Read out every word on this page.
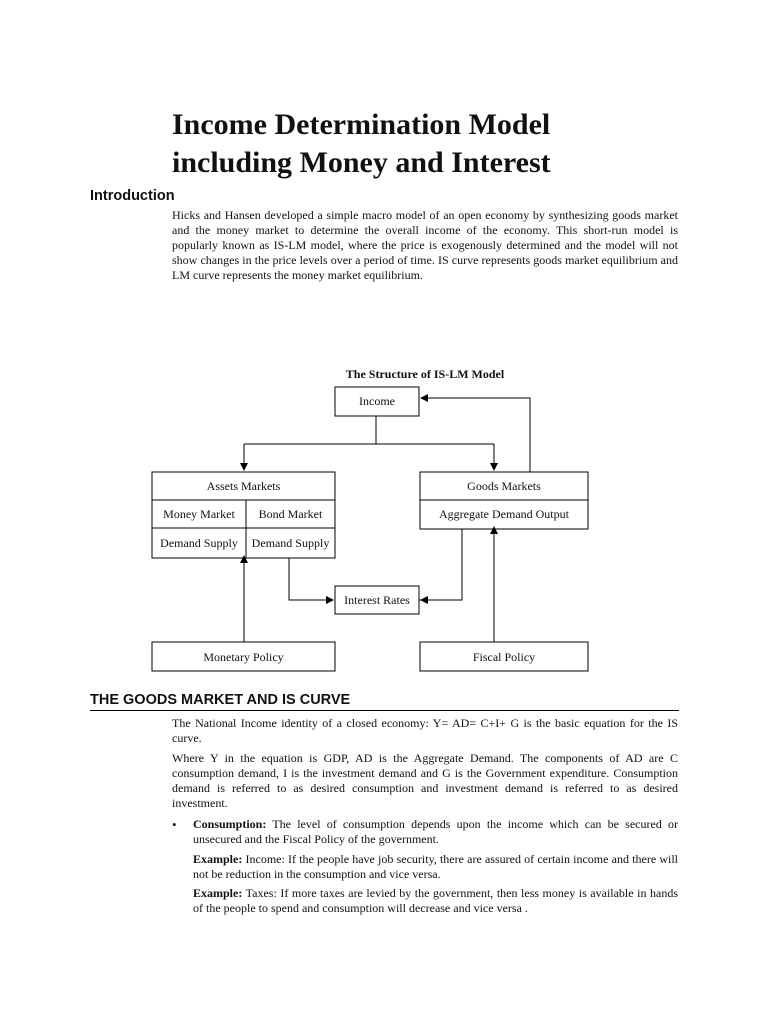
Income Determination Model
including Money and Interest
Introduction
Hicks and Hansen developed a simple macro model of an open economy by synthesizing goods market and the money market to determine the overall income of the economy. This short-run model is popularly known as IS-LM model, where the price is exogenously determined and the model will not show changes in the price levels over a period of time. IS curve represents goods market equilibrium and LM curve represents the money market equilibrium.
The Structure of IS-LM Model
Income
Assets Markets
Money Market	Bond Market
Demand Supply	Demand Supply
Goods Markets
Aggregate Demand Output
Interest Rates
Monetary Policy	Fiscal Policy
THE GOODS MARKET AND IS CURVE
The National Income identity of a closed economy: Y= AD= C+I+ G is the basic equation for the IS curve.
Where Y in the equation is GDP, AD is the Aggregate Demand. The components of AD are C consumption demand, I is the investment demand and G is the Government expenditure. Consumption demand is referred to as desired consumption and investment demand is referred to as desired investment.
• Consumption: The level of consumption depends upon the income which can be secured or unsecured and the Fiscal Policy of the government.
Example: Income: If the people have job security, there are assured of certain income and there will not be reduction in the consumption and vice versa.
Example: Taxes: If more taxes are levied by the government, then less money is available in hands of the people to spend and consumption will decrease and vice versa .
